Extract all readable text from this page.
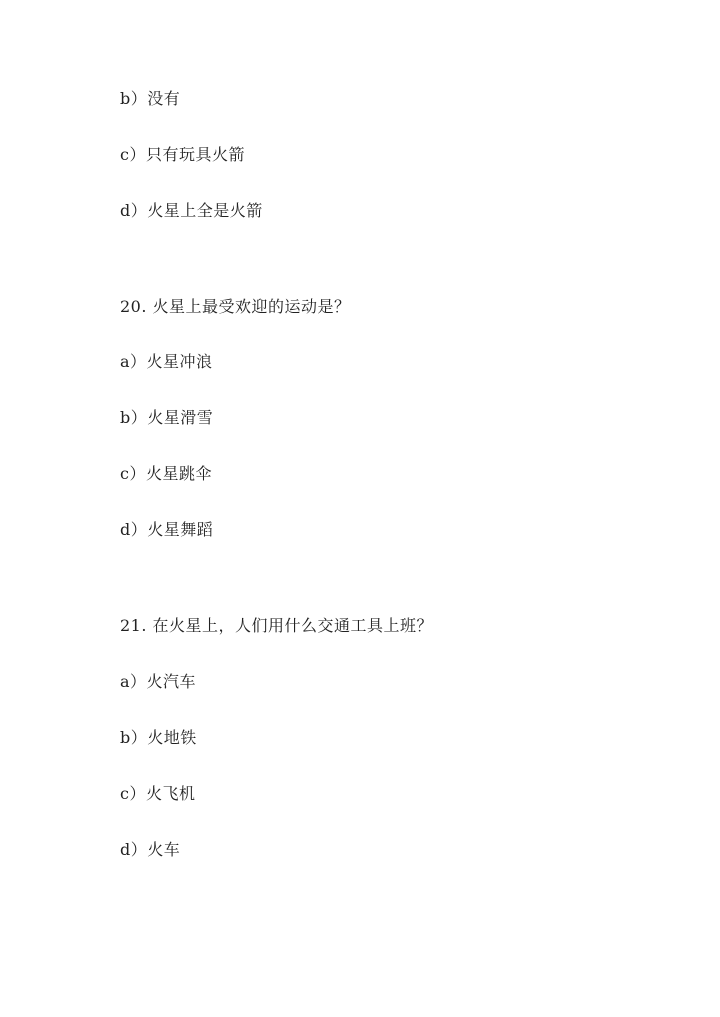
b）没有
c）只有玩具火箭
d）火星上全是火箭
20. 火星上最受欢迎的运动是？
a）火星冲浪
b）火星滑雪
c）火星跳伞
d）火星舞蹈
21. 在火星上，人们用什么交通工具上班？
a）火汽车
b）火地铁
c）火飞机
d）火车
